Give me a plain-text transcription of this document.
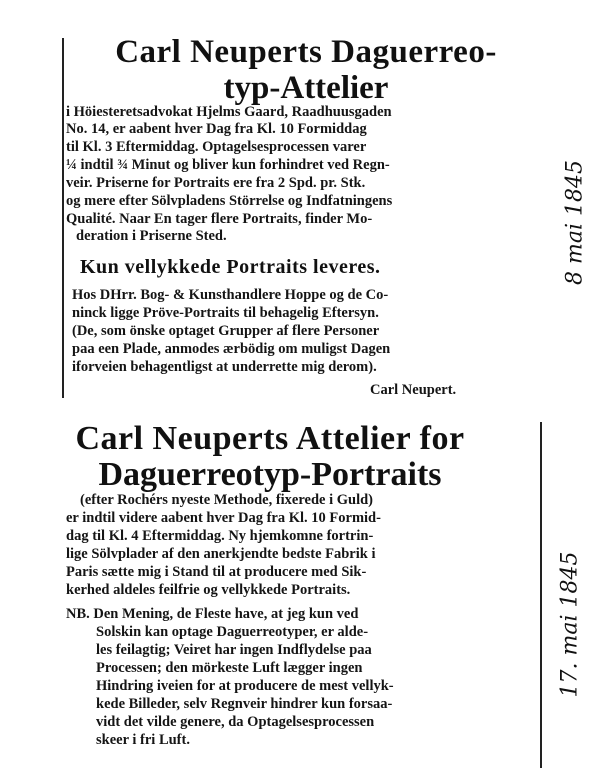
Carl Neuperts Daguerreo-
typ-Attelier
i Höiesteretsadvokat Hjelms Gaard, Raadhuusgaden
No. 14, er aabent hver Dag fra Kl. 10 Formiddag
til Kl. 3 Eftermiddag. Optagelsesprocessen varer
¼ indtil ¾ Minut og bliver kun forhindret ved Regn-
veir. Priserne for Portraits ere fra 2 Spd. pr. Stk.
og mere efter Sölvpladens Störrelse og Indfatningens
Qualité. Naar En tager flere Portraits, finder Mo-
deration i Priserne Sted.
Kun vellykkede Portraits leveres.
Hos DHrr. Bog- & Kunsthandlere Hoppe og de Co-
ninck ligge Pröve-Portraits til behagelig Eftersyn.
(De, som önske optaget Grupper af flere Personer
paa een Plade, anmodes ærbödig om muligst Dagen
iforveien behagentligst at underrette mig derom).
Carl Neupert.
8 mai 1845
Carl Neuperts Attelier for
Daguerreotyp-Portraits
(efter Rochérs nyeste Methode, fixerede i Guld)
er indtil videre aabent hver Dag fra Kl. 10 Formid-
dag til Kl. 4 Eftermiddag. Ny hjemkomne fortrin-
lige Sölvplader af den anerkjendte bedste Fabrik i
Paris sætte mig i Stand til at producere med Sik-
kerhed aldeles feilfrie og vellykkede Portraits.
NB. Den Mening, de Fleste have, at jeg kun ved
Solskin kan optage Daguerreotyper, er alde-
les feilagtig; Veiret har ingen Indflydelse paa
Processen; den mörkeste Luft lægger ingen
Hindring iveien for at producere de mest vellyk-
kede Billeder, selv Regnveir hindrer kun forsaa-
vidt det vilde genere, da Optagelsesprocessen
skeer i fri Luft.
17. mai 1845
